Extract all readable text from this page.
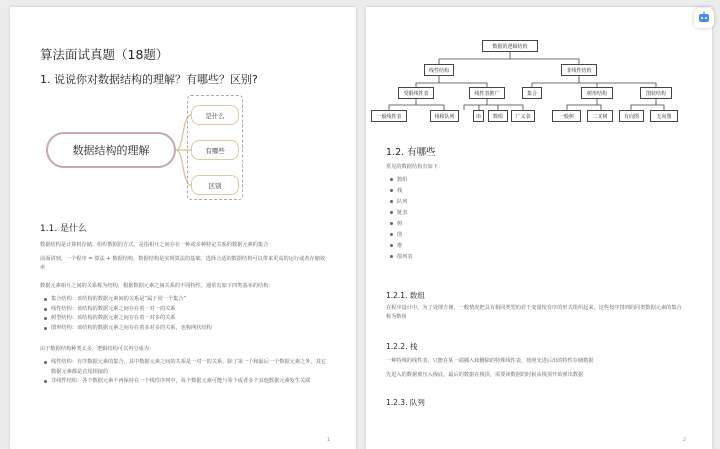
算法面试真题（18题）
1. 说说你对数据结构的理解？有哪些？区别?
数据结构的理解
是什么
有哪些
区别
1.1. 是什么
数据结构是计算机存储、组织数据的方式，是指相互之间存在一种或多种特定关系的数据元素的集合
前面讲到，一个程序 = 算法 + 数据结构，数据结构是实现算法的基础，选择合适的数据结构可以带来更高的运行或者存储效率
数据元素相互之间的关系称为结构，根据数据元素之间关系的不同特性，通常有如下四类基本的结构：
集合结构：该结构的数据元素间的关系是“属于同一个集合”
线性结构：该结构的数据元素之间存在着一对一的关系
树型结构：该结构的数据元素之间存在着一对多的关系
图形结构：该结构的数据元素之间存在着多对多的关系，也称网状结构
由于数据结构种类太多，逻辑结构可以再分成为：
线性结构：有序数据元素的集合，其中数据元素之间的关系是一对一的关系，除了第一个和最后一个数据元素之外，其它数据元素都是首尾相接的
非线性结构：各个数据元素不再保持在一个线性序列中，每个数据元素可能与零个或者多个其他数据元素发生关联
1
数据的逻辑结构
线性结构	非线性结构
受限线性表	线性表推广	集合	树形结构	图状结构
一般线性表	栈和队列	串	数组	广义表	一般树	二叉树	有向图	无向图
1.2. 有哪些
常见的数据结构有如下：
数组
栈
队列
链表
树
图
堆
散列表
1.2.1. 数组
在程序设计中，为了处理方便，一般情况把具有相同类型的若干变量按有序的形式组织起来，这些按序排列的同类数据元素的集合称为数组
1.2.2. 栈
一种特殊的线性表，只能在某一端插入和删除的特殊线性表，按照先进后出的特性存储数据
先进入的数据被压入栈底，最后的数据在栈顶，需要读数据的时候从栈顶开始弹出数据
1.2.3. 队列
2
